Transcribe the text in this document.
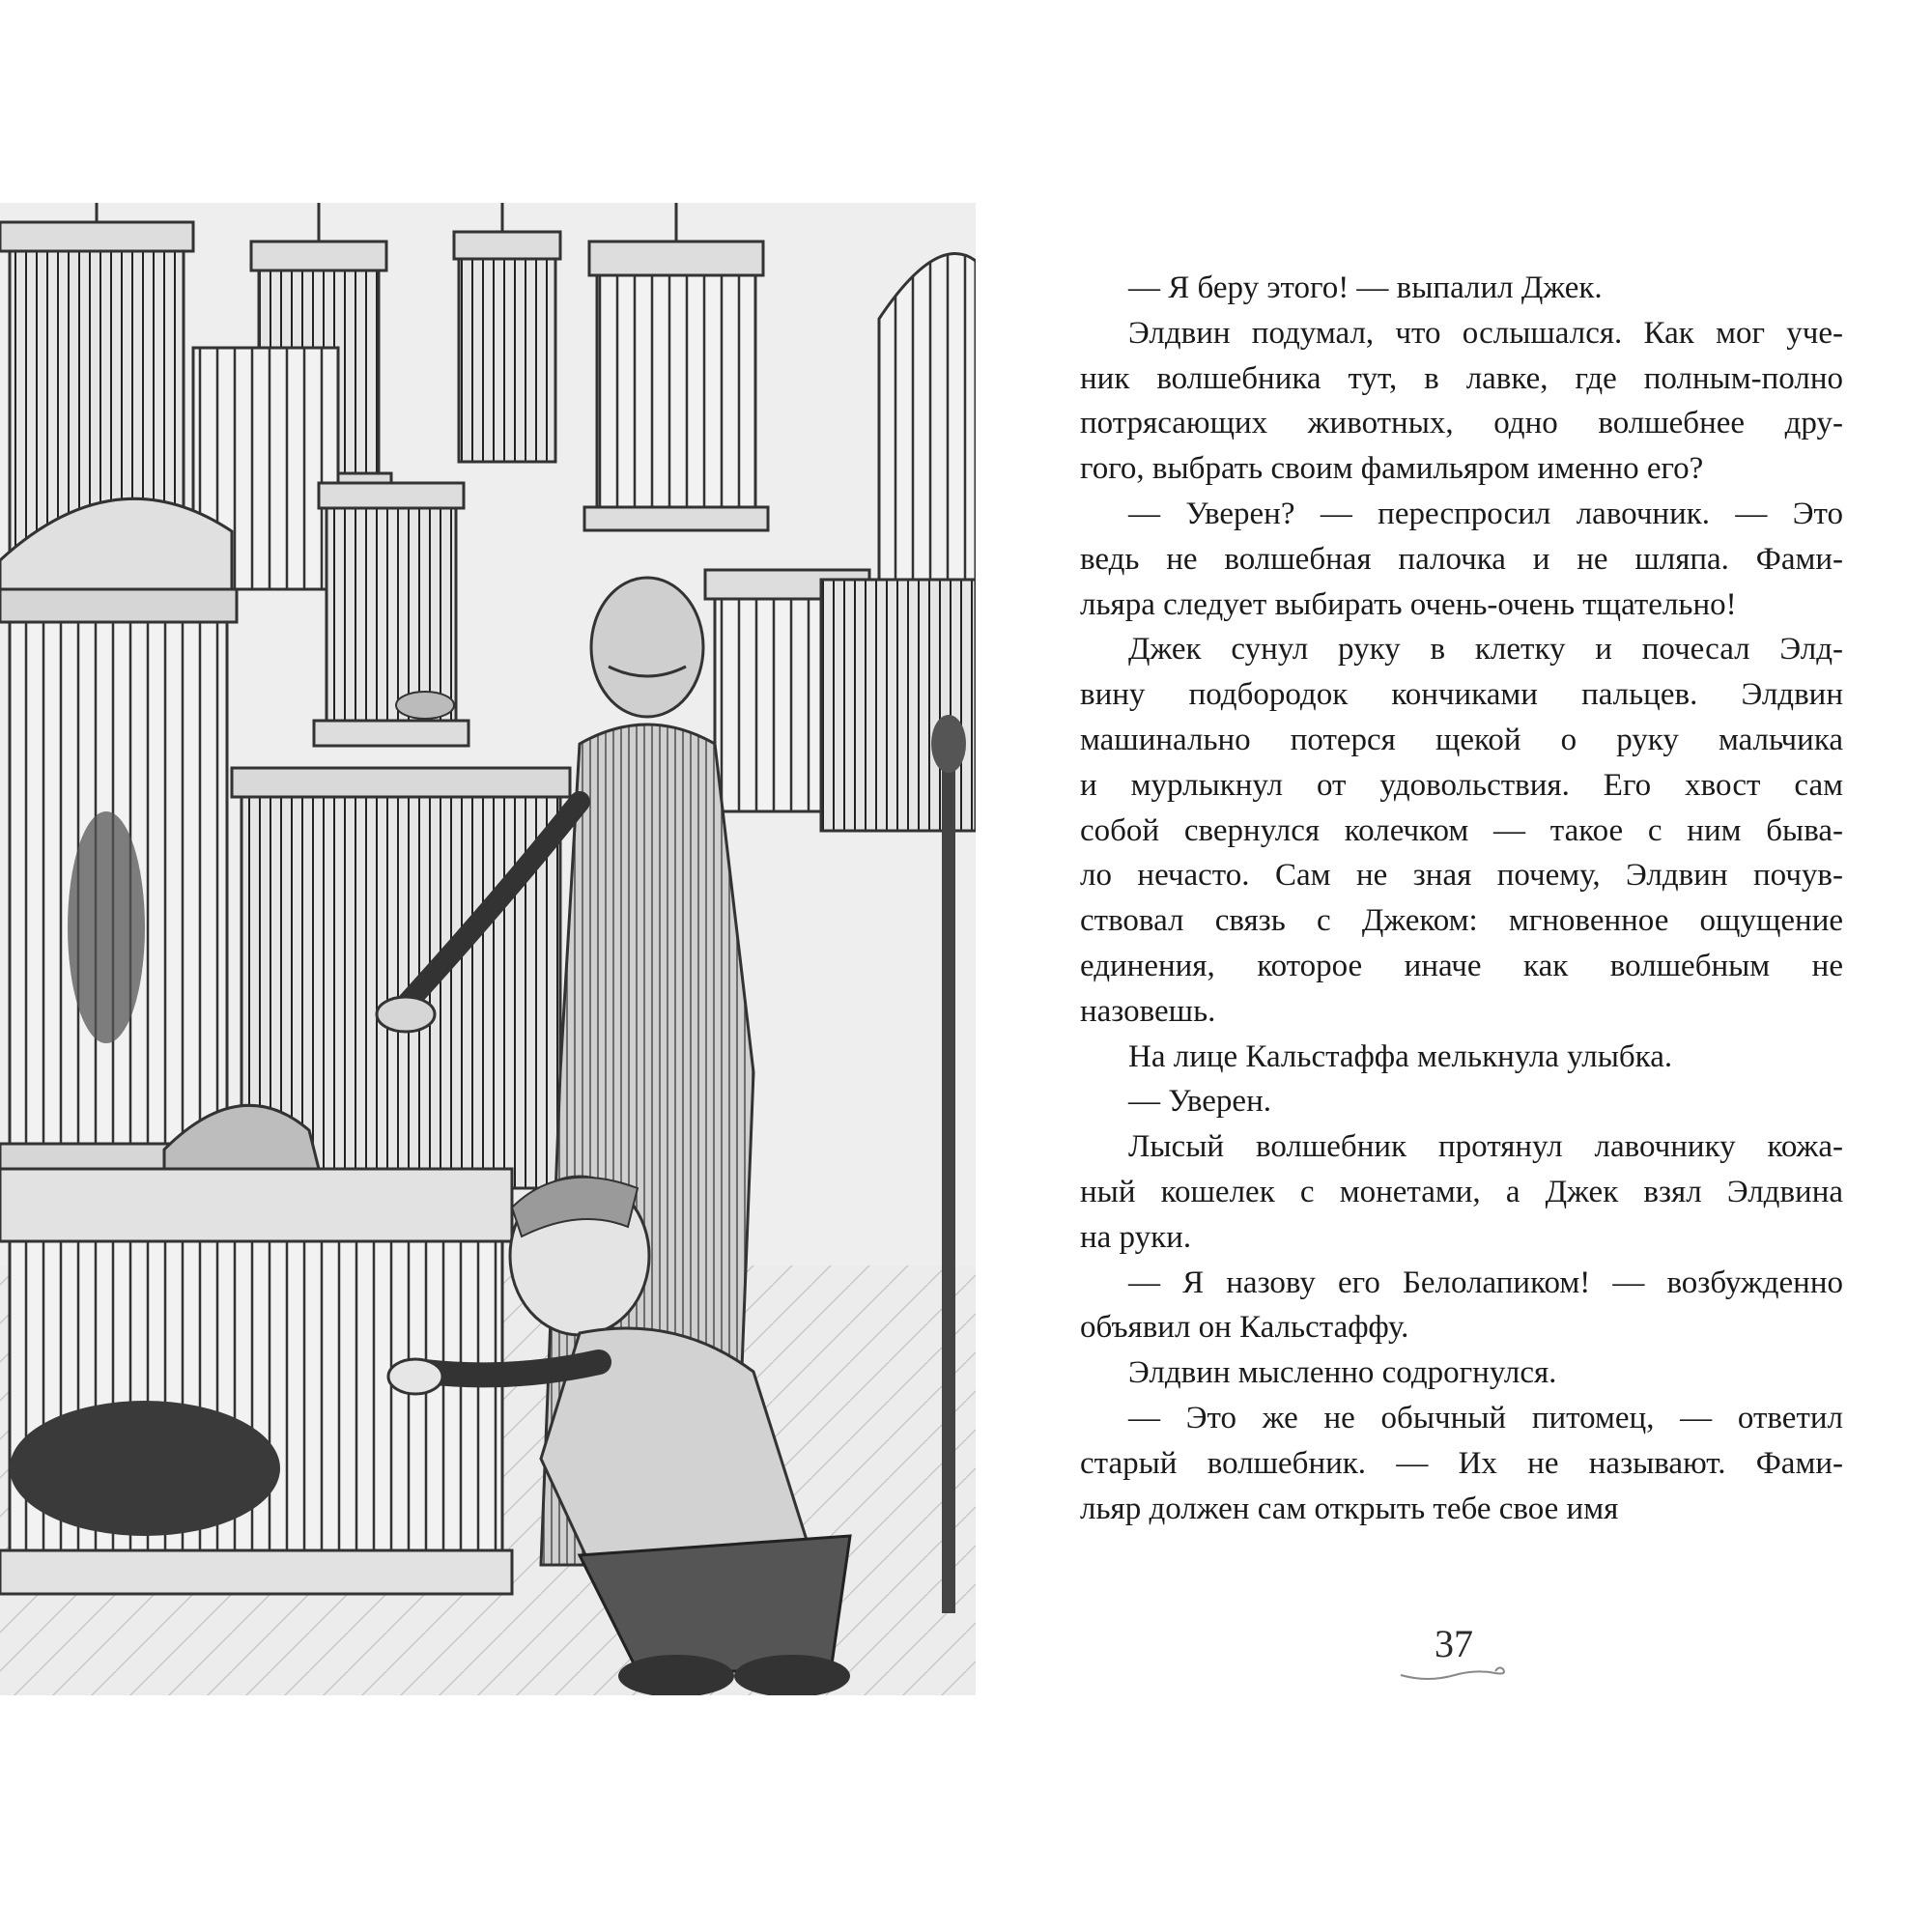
— Я беру этого! — выпалил Джек.

Элдвин подумал, что ослышался. Как мог уче-

ник волшебника тут, в лавке, где полным-полно

потрясающих животных, одно волшебнее дру-

гого, выбрать своим фамильяром именно его?

— Уверен? — переспросил лавочник. — Это

ведь не волшебная палочка и не шляпа. Фами-

льяра следует выбирать очень-очень тщательно!

Джек сунул руку в клетку и почесал Элд-

вину подбородок кончиками пальцев. Элдвин

машинально потерся щекой о руку мальчика

и мурлыкнул от удовольствия. Его хвост сам

собой свернулся колечком — такое с ним быва-

ло нечасто. Сам не зная почему, Элдвин почув-

ствовал связь с Джеком: мгновенное ощущение

единения, которое иначе как волшебным не

назовешь.

На лице Кальстаффа мелькнула улыбка.

— Уверен.

Лысый волшебник протянул лавочнику кожа-

ный кошелек с монетами, а Джек взял Элдвина

на руки.

— Я назову его Белолапиком! — возбужденно

объявил он Кальстаффу.

Элдвин мысленно содрогнулся.

— Это же не обычный питомец, — ответил

старый волшебник. — Их не называют. Фами-

льяр должен сам открыть тебе свое имя

37
